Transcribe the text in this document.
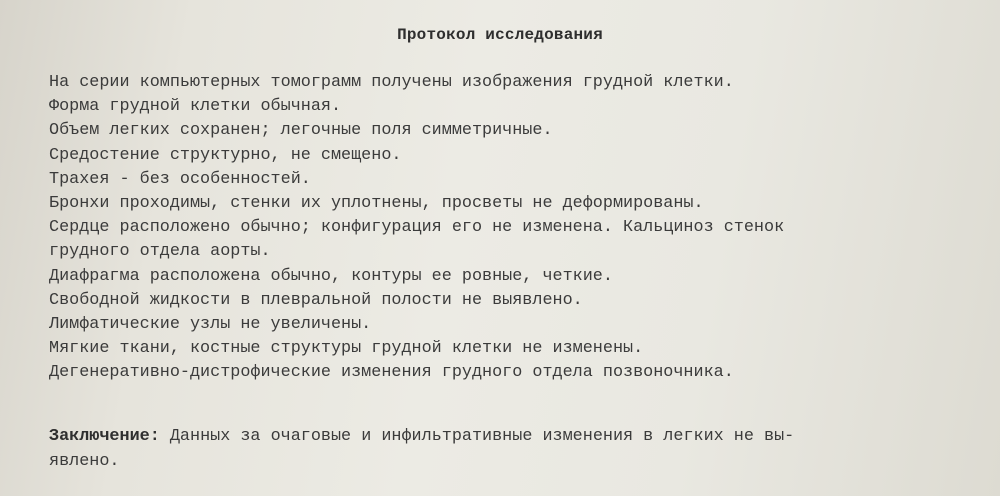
Протокол исследования
На серии компьютерных томограмм получены изображения грудной клетки.
Форма грудной клетки обычная.
Объем легких сохранен; легочные поля симметричные.
Средостение структурно, не смещено.
Трахея - без особенностей.
Бронхи проходимы, стенки их уплотнены, просветы не деформированы.
Сердце расположено обычно; конфигурация его не изменена. Кальциноз стенок
грудного отдела аорты.
Диафрагма расположена обычно, контуры ее ровные, четкие.
Свободной жидкости в плевральной полости не выявлено.
Лимфатические узлы не увеличены.
Мягкие ткани, костные структуры грудной клетки не изменены.
Дегенеративно-дистрофические изменения грудного отдела позвоночника.
Заключение: Данных за очаговые и инфильтративные изменения в легких не вы-
явлено.
